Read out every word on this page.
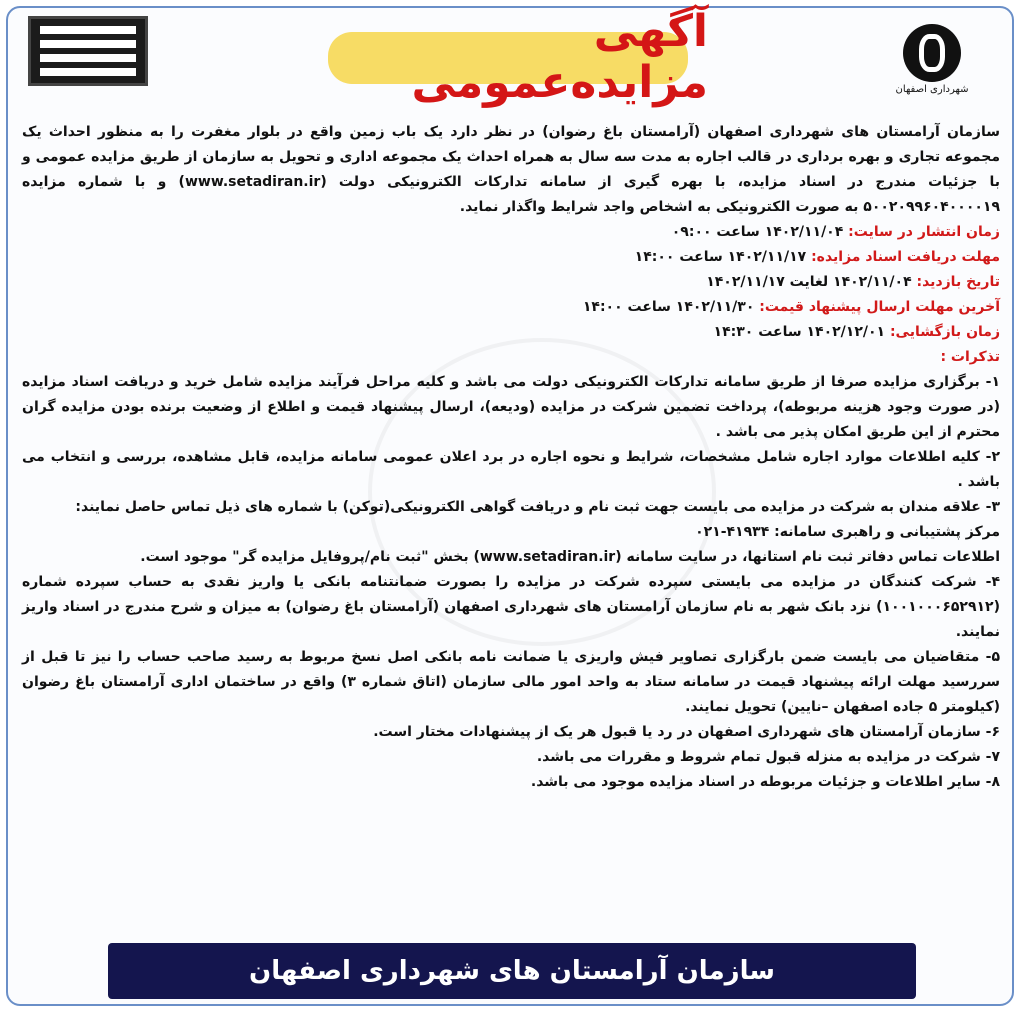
آگهی مزایده‌عمومی	شهرداری اصفهان

سازمان آرامستان های شهرداری اصفهان (آرامستان باغ رضوان) در نظر دارد یک باب زمین واقع در بلوار مغفرت را به منظور احداث یک مجموعه تجاری و بهره برداری در قالب اجاره به مدت سه سال به همراه احداث یک مجموعه اداری و تحویل به سازمان از طریق مزایده عمومی و با جزئیات مندرج در اسناد مزایده، با بهره گیری از سامانه تدارکات الکترونیکی دولت (www.setadiran.ir) و با شماره مزایده ۵۰۰۲۰۹۹۶۰۴۰۰۰۰۱۹ به صورت الکترونیکی به اشخاص واجد شرایط واگذار نماید.

زمان انتشار در سایت: ۱۴۰۲/۱۱/۰۴ ساعت ۰۹:۰۰
مهلت دریافت اسناد مزایده: ۱۴۰۲/۱۱/۱۷ ساعت ۱۴:۰۰
تاریخ بازدید: ۱۴۰۲/۱۱/۰۴ لغایت ۱۴۰۲/۱۱/۱۷
آخرین مهلت ارسال پیشنهاد قیمت: ۱۴۰۲/۱۱/۳۰ ساعت ۱۴:۰۰
زمان بازگشایی: ۱۴۰۲/۱۲/۰۱ ساعت ۱۴:۳۰
تذکرات :

۱- برگزاری مزایده صرفا از طریق سامانه تدارکات الکترونیکی دولت می باشد و کلیه مراحل فرآیند مزایده شامل خرید و دریافت اسناد مزایده (در صورت وجود هزینه مربوطه)، پرداخت تضمین شرکت در مزایده (ودیعه)، ارسال پیشنهاد قیمت و اطلاع از وضعیت برنده بودن مزایده گران محترم از این طریق امکان پذیر می باشد .

۲- کلیه اطلاعات موارد اجاره شامل مشخصات، شرایط و نحوه اجاره در برد اعلان عمومی سامانه مزایده، قابل مشاهده، بررسی و انتخاب می باشد .

۳- علاقه مندان به شرکت در مزایده می بایست جهت ثبت نام و دریافت گواهی الکترونیکی(توکن) با شماره های ذیل تماس حاصل نمایند:

مرکز پشتیبانی و راهبری سامانه: ۴۱۹۳۴-۰۲۱

اطلاعات تماس دفاتر ثبت نام استانها، در سایت سامانه (www.setadiran.ir) بخش "ثبت نام/پروفایل مزایده گر" موجود است.

۴- شرکت کنندگان در مزایده می بایستی سپرده شرکت در مزایده را بصورت ضمانتنامه بانکی یا واریز نقدی به حساب سپرده شماره (۱۰۰۱۰۰۰۶۵۲۹۱۲) نزد بانک شهر به نام سازمان آرامستان های شهرداری اصفهان (آرامستان باغ رضوان) به میزان و شرح مندرج در اسناد واریز نمایند.

۵- متقاضیان می بایست ضمن بارگزاری تصاویر فیش واریزی یا ضمانت نامه بانکی اصل نسخ مربوط به رسید صاحب حساب را نیز تا قبل از سررسید مهلت ارائه پیشنهاد قیمت در سامانه ستاد به واحد امور مالی سازمان (اتاق شماره ۳) واقع در ساختمان اداری آرامستان باغ رضوان (کیلومتر ۵ جاده اصفهان –نایین) تحویل نمایند.

۶- سازمان آرامستان های شهرداری اصفهان در رد یا قبول هر یک از پیشنهادات مختار است.

۷- شرکت در مزایده به منزله قبول تمام شروط و مقررات می باشد.

۸- سایر اطلاعات و جزئیات مربوطه در اسناد مزایده موجود می باشد.

سازمان آرامستان های شهرداری اصفهان
